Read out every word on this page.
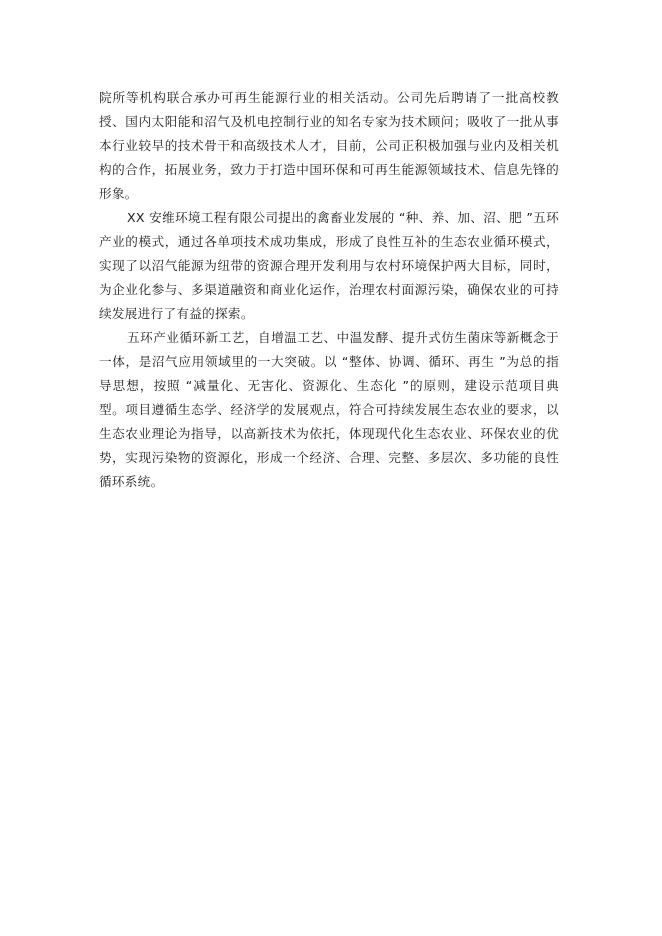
院所等机构联合承办可再生能源行业的相关活动。公司先后聘请了一批高校教授、国内太阳能和沼气及机电控制行业的知名专家为技术顾问；吸收了一批从事本行业较早的技术骨干和高级技术人才，目前，公司正积极加强与业内及相关机构的合作，拓展业务，致力于打造中国环保和可再生能源领域技术、信息先锋的形象。

XX 安维环境工程有限公司提出的禽畜业发展的 “种、养、加、沼、肥 ”五环产业的模式，通过各单项技术成功集成，形成了良性互补的生态农业循环模式，实现了以沼气能源为纽带的资源合理开发利用与农村环境保护两大目标，同时，为企业化参与、多渠道融资和商业化运作，治理农村面源污染，确保农业的可持续发展进行了有益的探索。

五环产业循环新工艺，自增温工艺、中温发酵、提升式仿生菌床等新概念于一体，是沼气应用领域里的一大突破。以 “整体、协调、循环、再生 ”为总的指导思想，按照 “减量化、无害化、资源化、生态化 ”的原则，建设示范项目典型。项目遵循生态学、经济学的发展观点，符合可持续发展生态农业的要求，以生态农业理论为指导，以高新技术为依托，体现现代化生态农业、环保农业的优势，实现污染物的资源化，形成一个经济、合理、完整、多层次、多功能的良性循环系统。
